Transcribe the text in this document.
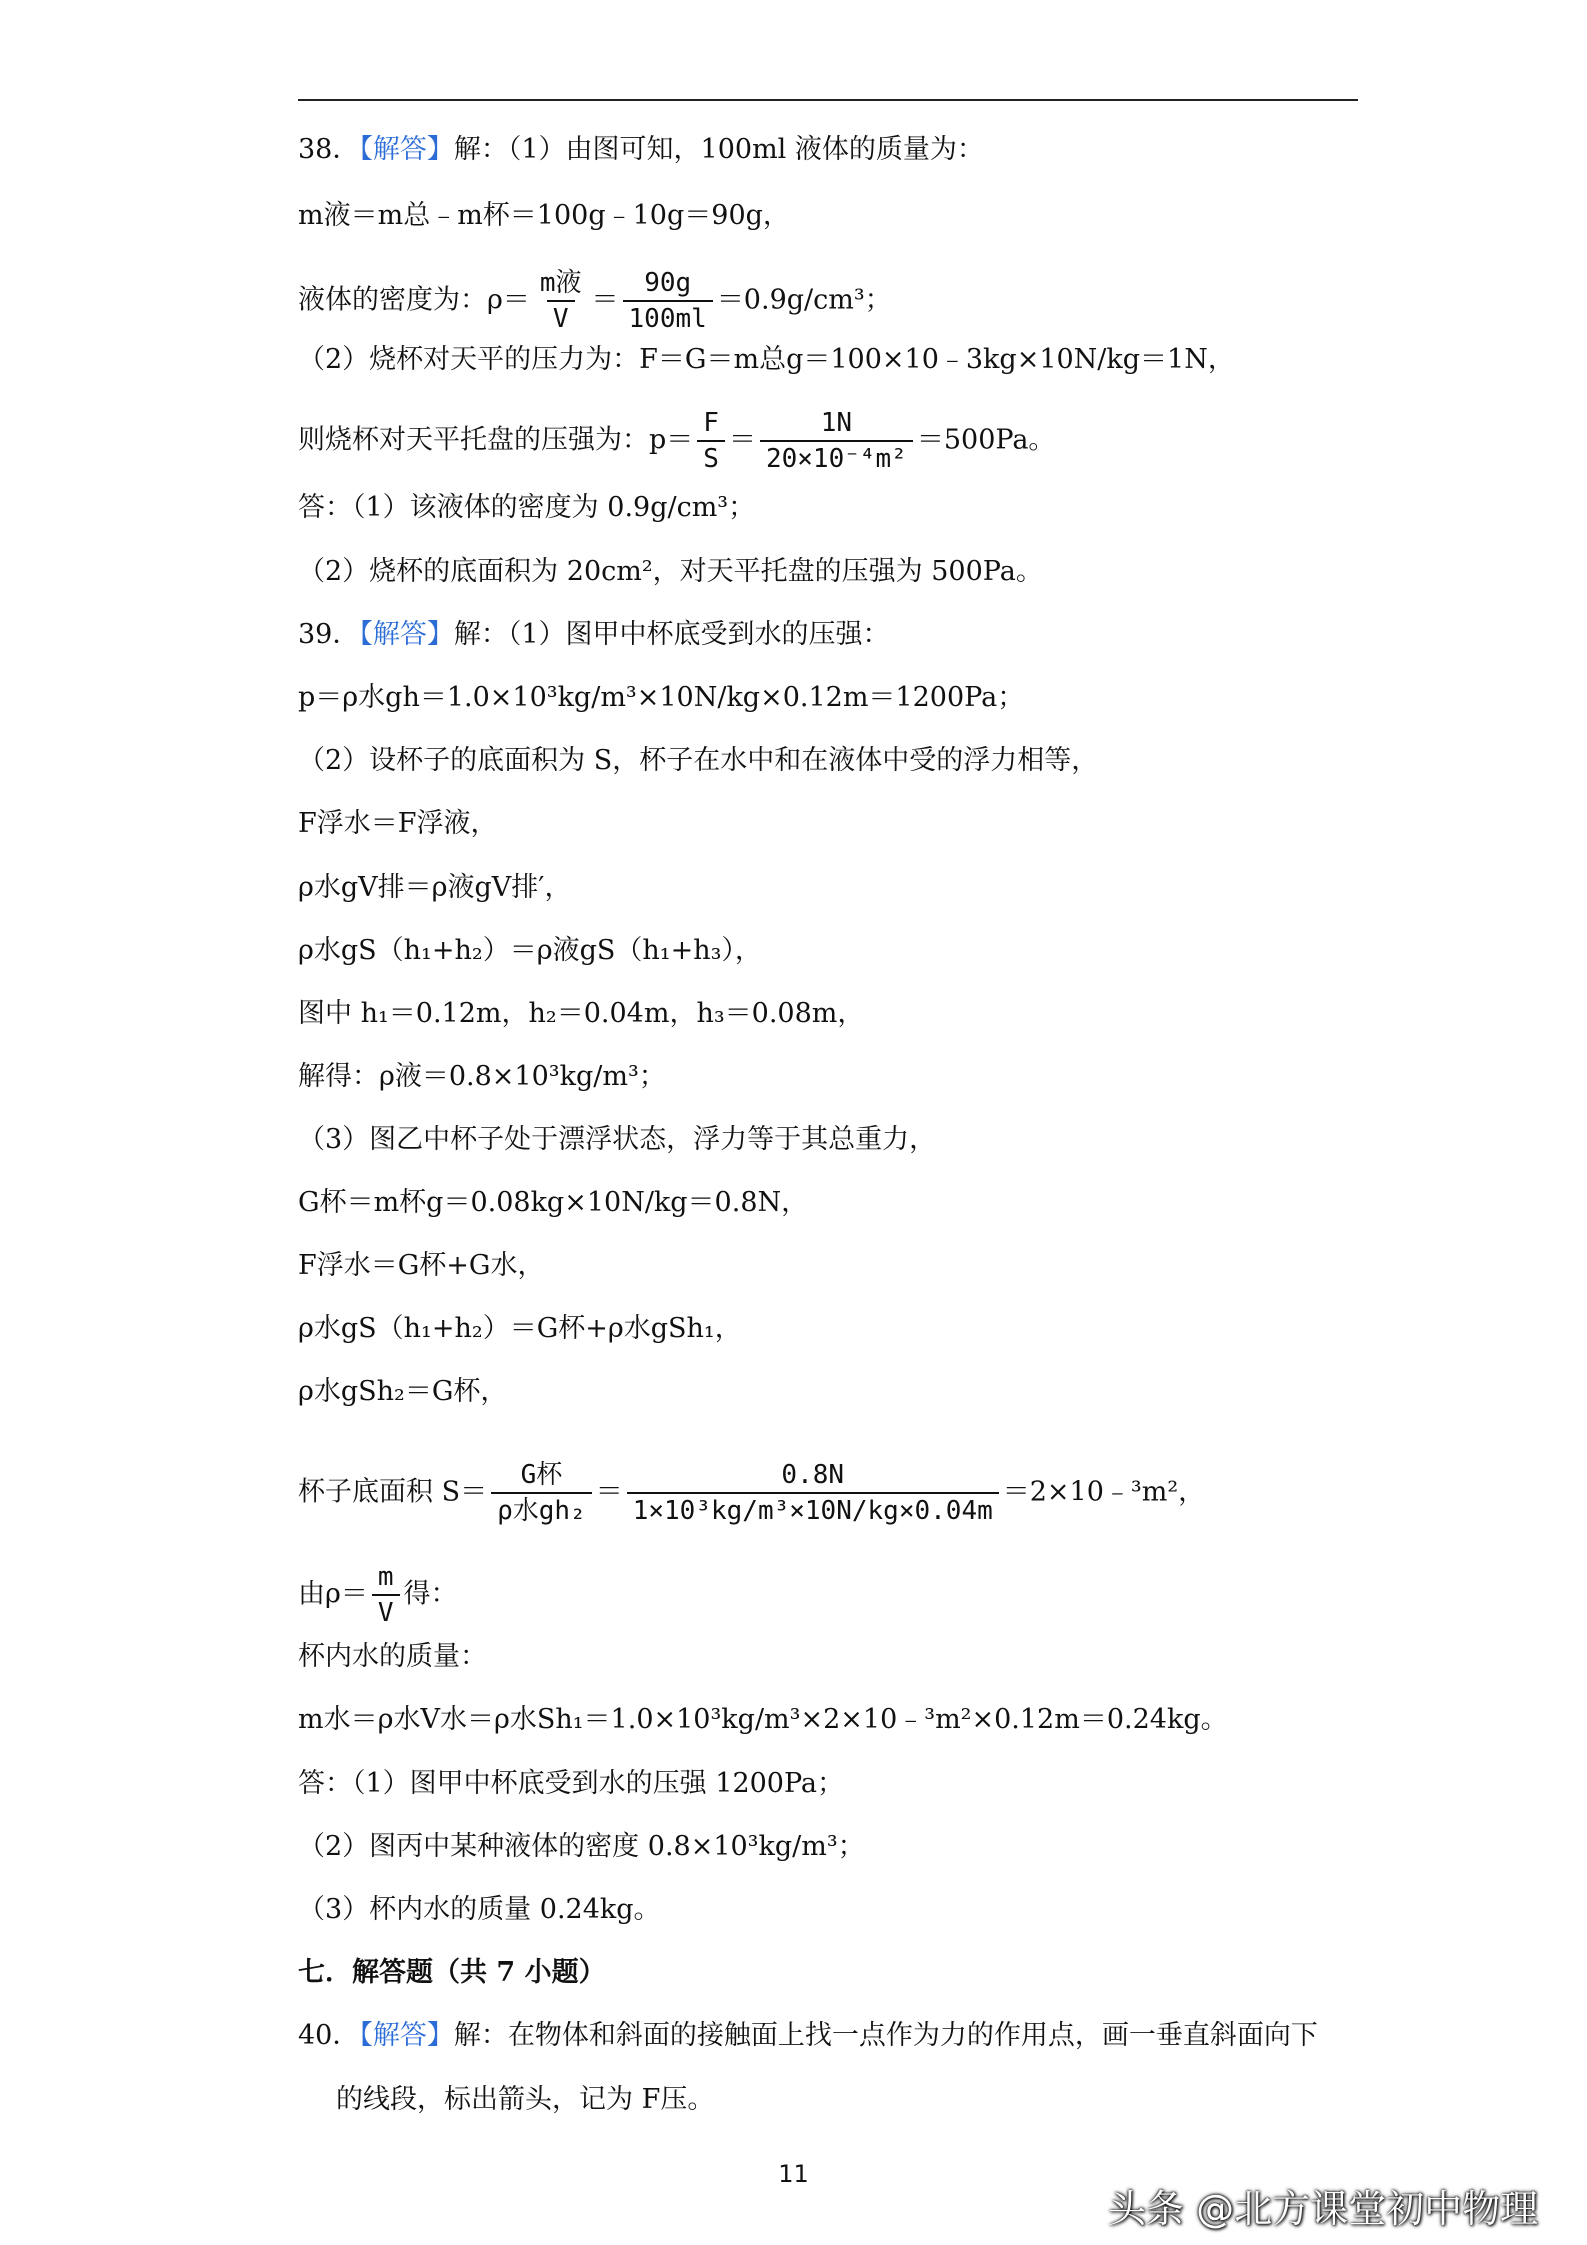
38．【解答】解：（1）由图可知，100ml 液体的质量为：
m液＝m总﹣m杯＝100g﹣10g＝90g，
液体的密度为：$\rho= \frac{\text{m液}}{V} = \frac{90g}{100ml} =0.9g/cm^3$；
（2）烧杯对天平的压力为：F＝G＝m总g＝100×10﹣3kg×10N/kg＝1N，
则烧杯对天平托盘的压强为：$p= \frac{F}{S} = \frac{1N}{\text{20×10⁻⁴m²}} =500Pa$。
答：（1）该液体的密度为 0.9g/cm³；
（2）烧杯的底面积为 20cm²，对天平托盘的压强为 500Pa。
39．【解答】解：（1）图甲中杯底受到水的压强：
p＝ρ水gh＝1.0×10³kg/m³×10N/kg×0.12m＝1200Pa；
（2）设杯子的底面积为 S，杯子在水中和在液体中受的浮力相等，
F浮水＝F浮液，
ρ水gV排＝ρ液gV排′，
ρ水gS（h₁+h₂）＝ρ液gS（h₁+h₃），
图中 h₁＝0.12m，h₂＝0.04m，h₃＝0.08m，
解得：ρ液＝0.8×10³kg/m³；
（3）图乙中杯子处于漂浮状态，浮力等于其总重力，
G杯＝m杯g＝0.08kg×10N/kg＝0.8N，
F浮水＝G杯+G水，
ρ水gS（h₁+h₂）＝G杯+ρ水gSh₁，
ρ水gSh₂＝G杯，
杯子底面积 $S= \frac{\text{G杯}}{\text{ρ水gh₂}} = \frac{0.8N}{\text{1×10³kg/m³×10N/kg×0.04m}}$ ＝2×10﹣³m²，
由$\rho= \frac{m}{V}$ 得：
杯内水的质量：
m水＝ρ水V水＝ρ水Sh₁＝1.0×10³kg/m³×2×10﹣³m²×0.12m＝0.24kg。
答：（1）图甲中杯底受到水的压强 1200Pa；
（2）图丙中某种液体的密度 0.8×10³kg/m³；
（3）杯内水的质量 0.24kg。
七．解答题（共 7 小题）
40．【解答】解：在物体和斜面的接触面上找一点作为力的作用点，画一垂直斜面向下
的线段，标出箭头，记为 F压。
11
头条 @北方课堂初中物理
